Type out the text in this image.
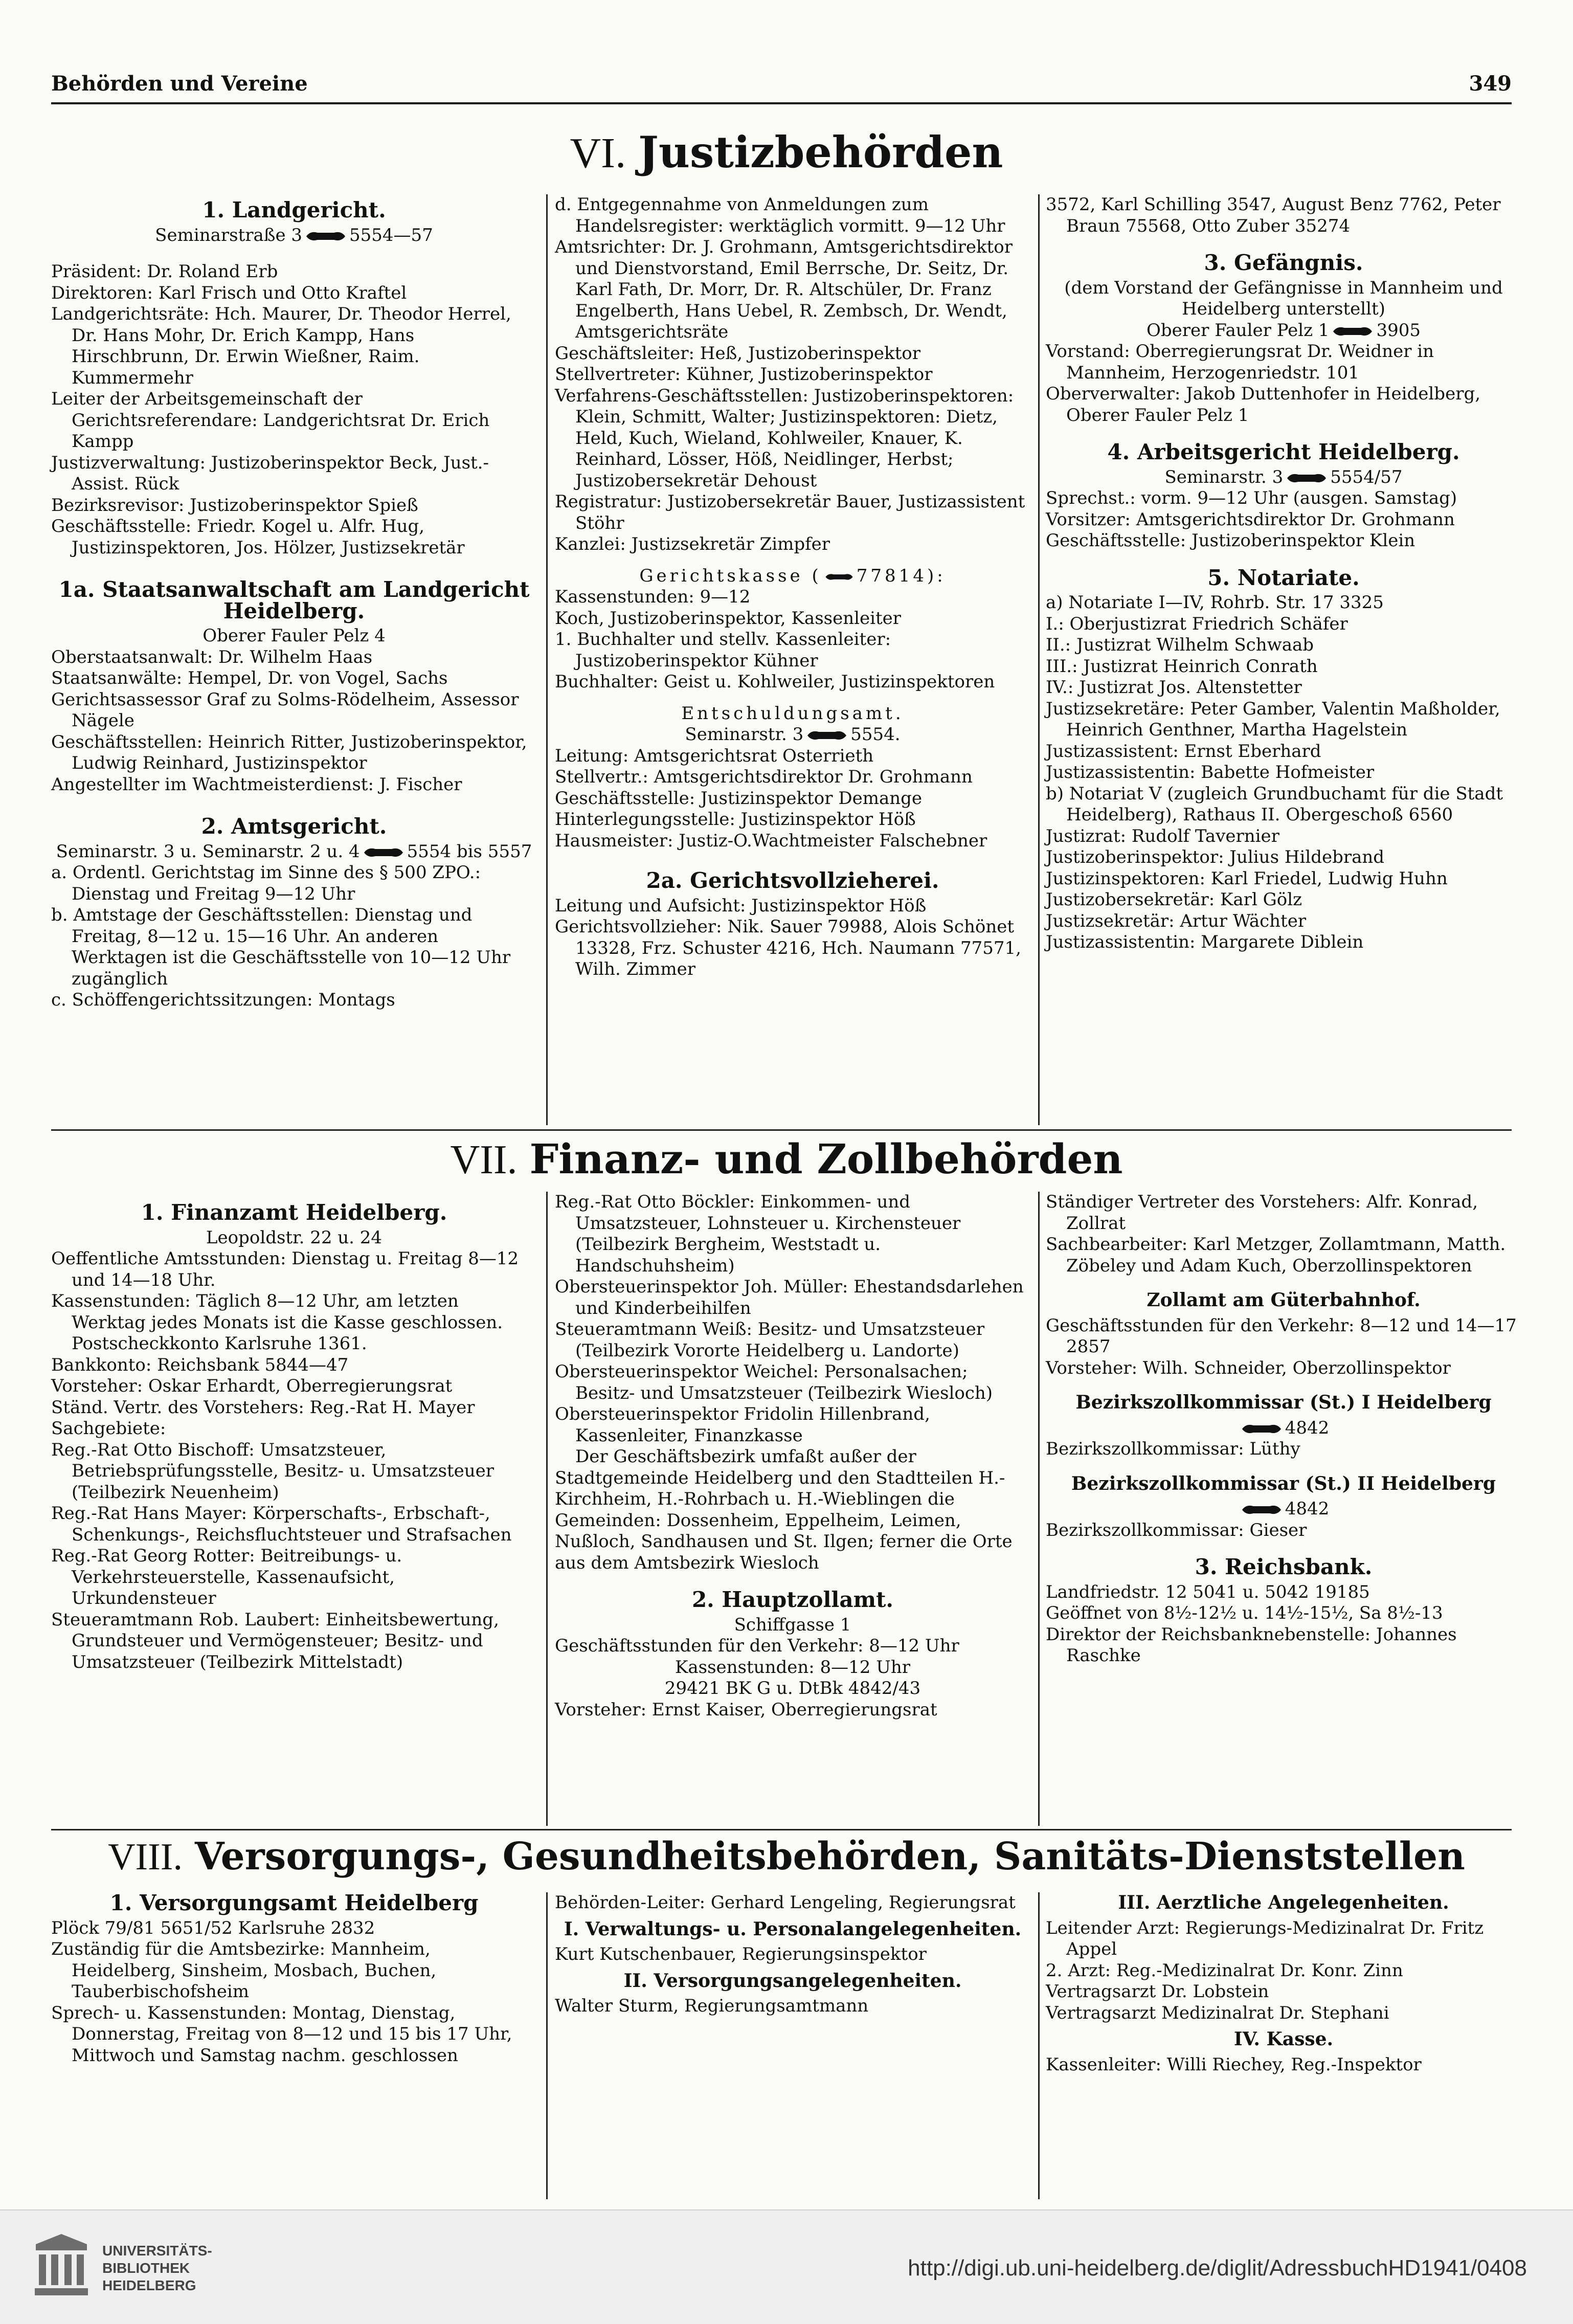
Behörden und Vereine	349
VI. Justizbehörden

1. Landgericht.

Seminarstraße 3	5554—57

Präsident: Dr. Roland Erb

Direktoren: Karl Frisch und Otto Kraftel

Landgerichtsräte: Hch. Maurer, Dr. Theodor Herrel, Dr. Hans Mohr, Dr. Erich Kampp, Hans Hirschbrunn, Dr. Erwin Wießner, Raim. Kummermehr

Leiter der Arbeitsgemeinschaft der Gerichtsreferendare: Landgerichtsrat Dr. Erich Kampp

Justizverwaltung: Justizoberinspektor Beck, Just.-Assist. Rück

Bezirksrevisor: Justizoberinspektor Spieß

Geschäftsstelle: Friedr. Kogel u. Alfr. Hug, Justizinspektoren, Jos. Hölzer, Justizsekretär

1a. Staatsanwaltschaft am Landgericht Heidelberg.

Oberer Fauler Pelz 4

Oberstaatsanwalt: Dr. Wilhelm Haas

Staatsanwälte: Hempel, Dr. von Vogel, Sachs

Gerichtsassessor Graf zu Solms-Rödelheim, Assessor Nägele

Geschäftsstellen: Heinrich Ritter, Justizoberinspektor, Ludwig Reinhard, Justizinspektor

Angestellter im Wachtmeisterdienst: J. Fischer

2. Amtsgericht.

Seminarstr. 3 u. Seminarstr. 2 u. 4	5554 bis 5557

a. Ordentl. Gerichtstag im Sinne des § 500 ZPO.: Dienstag und Freitag 9—12 Uhr

b. Amtstage der Geschäftsstellen: Dienstag und Freitag, 8—12 u. 15—16 Uhr. An anderen Werktagen ist die Geschäftsstelle von 10—12 Uhr zugänglich

c. Schöffengerichtssitzungen: Montags

d. Entgegennahme von Anmeldungen zum Handelsregister: werktäglich vormitt. 9—12 Uhr

Amtsrichter: Dr. J. Grohmann, Amtsgerichtsdirektor und Dienstvorstand, Emil Berrsche, Dr. Seitz, Dr. Karl Fath, Dr. Morr, Dr. R. Altschüler, Dr. Franz Engelberth, Hans Uebel, R. Zembsch, Dr. Wendt, Amtsgerichtsräte

Geschäftsleiter: Heß, Justizoberinspektor

Stellvertreter: Kühner, Justizoberinspektor

Verfahrens-Geschäftsstellen: Justizoberinspektoren: Klein, Schmitt, Walter; Justizinspektoren: Dietz, Held, Kuch, Wieland, Kohlweiler, Knauer, K. Reinhard, Lösser, Höß, Neidlinger, Herbst; Justizobersekretär Dehoust

Registratur: Justizobersekretär Bauer, Justizassistent Stöhr

Kanzlei: Justizsekretär Zimpfer

Gerichtskasse ( 77814):

Kassenstunden: 9—12

Koch, Justizoberinspektor, Kassenleiter

1. Buchhalter und stellv. Kassenleiter: Justizoberinspektor Kühner

Buchhalter: Geist u. Kohlweiler, Justizinspektoren

Entschuldungsamt.

Seminarstr. 3	5554.

Leitung: Amtsgerichtsrat Osterrieth

Stellvertr.: Amtsgerichtsdirektor Dr. Grohmann

Geschäftsstelle: Justizinspektor Demange

Hinterlegungsstelle: Justizinspektor Höß

Hausmeister: Justiz-O.Wachtmeister Falschebner

2a. Gerichtsvollzieherei.

Leitung und Aufsicht: Justizinspektor Höß

Gerichtsvollzieher: Nik. Sauer 79988, Alois Schönet 13328, Frz. Schuster 4216, Hch. Naumann 77571, Wilh. Zimmer

3572, Karl Schilling 3547, August Benz 7762, Peter Braun 75568, Otto Zuber 35274

3. Gefängnis.

(dem Vorstand der Gefängnisse in Mannheim und Heidelberg unterstellt)

Oberer Fauler Pelz 1	3905

Vorstand: Oberregierungsrat Dr. Weidner in Mannheim, Herzogenriedstr. 101

Oberverwalter: Jakob Duttenhofer in Heidelberg, Oberer Fauler Pelz 1

4. Arbeitsgericht Heidelberg.

Seminarstr. 3	5554/57

Sprechst.: vorm. 9—12 Uhr (ausgen. Samstag)

Vorsitzer: Amtsgerichtsdirektor Dr. Grohmann

Geschäftsstelle: Justizoberinspektor Klein

5. Notariate.

a) Notariate I—IV, Rohrb. Str. 17 3325

I.: Oberjustizrat Friedrich Schäfer

II.: Justizrat Wilhelm Schwaab

III.: Justizrat Heinrich Conrath

IV.: Justizrat Jos. Altenstetter

Justizsekretäre: Peter Gamber, Valentin Maßholder, Heinrich Genthner, Martha Hagelstein

Justizassistent: Ernst Eberhard

Justizassistentin: Babette Hofmeister

b) Notariat V (zugleich Grundbuchamt für die Stadt Heidelberg), Rathaus II. Obergeschoß 6560

Justizrat: Rudolf Tavernier

Justizoberinspektor: Julius Hildebrand

Justizinspektoren: Karl Friedel, Ludwig Huhn

Justizobersekretär: Karl Gölz

Justizsekretär: Artur Wächter

Justizassistentin: Margarete Diblein

VII. Finanz- und Zollbehörden

1. Finanzamt Heidelberg.

Leopoldstr. 22 u. 24

Oeffentliche Amtsstunden: Dienstag u. Freitag 8—12 und 14—18 Uhr.

Kassenstunden: Täglich 8—12 Uhr, am letzten Werktag jedes Monats ist die Kasse geschlossen. Postscheckkonto Karlsruhe 1361.

Bankkonto: Reichsbank 5844—47

Vorsteher: Oskar Erhardt, Oberregierungsrat

Ständ. Vertr. des Vorstehers: Reg.-Rat H. Mayer

Sachgebiete:

Reg.-Rat Otto Bischoff: Umsatzsteuer, Betriebsprüfungsstelle, Besitz- u. Umsatzsteuer (Teilbezirk Neuenheim)

Reg.-Rat Hans Mayer: Körperschafts-, Erbschaft-, Schenkungs-, Reichsfluchtsteuer und Strafsachen

Reg.-Rat Georg Rotter: Beitreibungs- u. Verkehrsteuerstelle, Kassenaufsicht, Urkundensteuer

Steueramtmann Rob. Laubert: Einheitsbewertung, Grundsteuer und Vermögensteuer; Besitz- und Umsatzsteuer (Teilbezirk Mittelstadt)

Reg.-Rat Otto Böckler: Einkommen- und Umsatzsteuer, Lohnsteuer u. Kirchensteuer (Teilbezirk Bergheim, Weststadt u. Handschuhsheim)

Obersteuerinspektor Joh. Müller: Ehestandsdarlehen und Kinderbeihilfen

Steueramtmann Weiß: Besitz- und Umsatzsteuer (Teilbezirk Vororte Heidelberg u. Landorte)

Obersteuerinspektor Weichel: Personalsachen; Besitz- und Umsatzsteuer (Teilbezirk Wiesloch)

Obersteuerinspektor Fridolin Hillenbrand, Kassenleiter, Finanzkasse

Der Geschäftsbezirk umfaßt außer der Stadtgemeinde Heidelberg und den Stadtteilen H.-Kirchheim, H.-Rohrbach u. H.-Wieblingen die Gemeinden: Dossenheim, Eppelheim, Leimen, Nußloch, Sandhausen und St. Ilgen; ferner die Orte aus dem Amtsbezirk Wiesloch

2. Hauptzollamt.

Schiffgasse 1

Geschäftsstunden für den Verkehr: 8—12 Uhr

Kassenstunden: 8—12 Uhr

29421 BK G u. DtBk 4842/43

Vorsteher: Ernst Kaiser, Oberregierungsrat

Ständiger Vertreter des Vorstehers: Alfr. Konrad, Zollrat

Sachbearbeiter: Karl Metzger, Zollamtmann, Matth. Zöbeley und Adam Kuch, Oberzollinspektoren

Zollamt am Güterbahnhof.

Geschäftsstunden für den Verkehr: 8—12 und 14—17 2857

Vorsteher: Wilh. Schneider, Oberzollinspektor

Bezirkszollkommissar (St.) I Heidelberg

4842

Bezirkszollkommissar: Lüthy

Bezirkszollkommissar (St.) II Heidelberg

4842

Bezirkszollkommissar: Gieser

3. Reichsbank.

Landfriedstr. 12 5041 u. 5042 19185

Geöffnet von 8½-12½ u. 14½-15½, Sa 8½-13

Direktor der Reichsbanknebenstelle: Johannes Raschke

VIII. Versorgungs-, Gesundheitsbehörden, Sanitäts-Dienststellen

1. Versorgungsamt Heidelberg

Plöck 79/81 5651/52 Karlsruhe 2832

Zuständig für die Amtsbezirke: Mannheim, Heidelberg, Sinsheim, Mosbach, Buchen, Tauberbischofsheim

Sprech- u. Kassenstunden: Montag, Dienstag, Donnerstag, Freitag von 8—12 und 15 bis 17 Uhr, Mittwoch und Samstag nachm. geschlossen

Behörden-Leiter: Gerhard Lengeling, Regierungsrat

I. Verwaltungs- u. Personalangelegenheiten.

Kurt Kutschenbauer, Regierungsinspektor

II. Versorgungsangelegenheiten.

Walter Sturm, Regierungsamtmann

III. Aerztliche Angelegenheiten.

Leitender Arzt: Regierungs-Medizinalrat Dr. Fritz Appel

2. Arzt: Reg.-Medizinalrat Dr. Konr. Zinn

Vertragsarzt Dr. Lobstein

Vertragsarzt Medizinalrat Dr. Stephani

IV. Kasse.

Kassenleiter: Willi Riechey, Reg.-Inspektor

UNIVERSITÄTS-
BIBLIOTHEK
HEIDELBERG
http://digi.ub.uni-heidelberg.de/diglit/AdressbuchHD1941/0408
